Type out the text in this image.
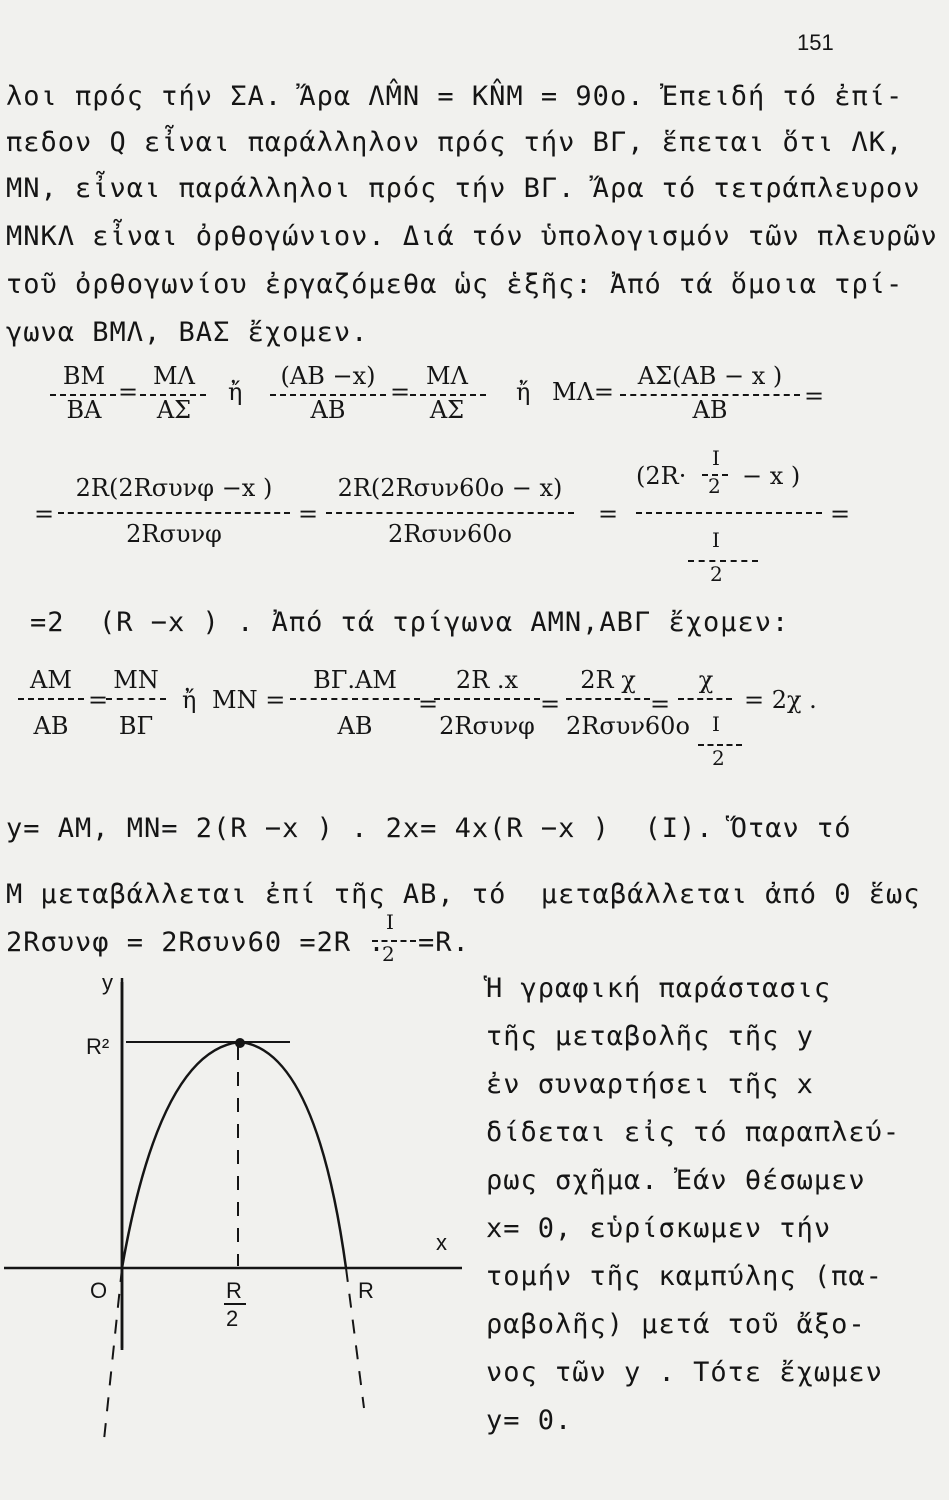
151
λοι πρός τήν ΣΑ. Ἄρα ΛM̂N = KN̂M = 90ο. Ἐπειδή τό ἐπί-
πεδον Q εἶναι παράλληλον πρός τήν ΒΓ, ἕπεται ὅτι ΛΚ,
ΜΝ, εἶναι παράλληλοι πρός τήν ΒΓ. Ἄρα τό τετράπλευρον
ΜΝΚΛ εἶναι ὀρθογώνιον. Διά τόν ὑπολογισμόν τῶν πλευρῶν
τοῦ ὀρθογωνίου ἐργαζόμεθα ὡς ἑξῆς: Ἀπό τά ὅμοια τρί-
γωνα ΒΜΛ, ΒΑΣ ἔχομεν.
ΒΜ
ΒΑ
=
ΜΛ
ΑΣ
ἤ
(ΑΒ −x)
ΑΒ
=
ΜΛ
ΑΣ
ἤ ΜΛ=
ΑΣ(ΑΒ − x )
ΑΒ	=
=
2R(2Rσυνφ −x )
2Rσυνφ
=
2R(2Rσυν60ο − x)
2Rσυν60ο
=
(2R·
I
2 − x )
I
2
=
=2  (R −x ) . Ἀπό τά τρίγωνα ΑΜΝ,ΑΒΓ ἔχομεν:
ΑΜ
ΑΒ
=
ΜΝ
ΒΓ
ἤ ΜΝ =
ΒΓ.ΑΜ
ΑΒ
=
2R .x
2Rσυνφ
=
2R χ
2Rσυν60ο I
2
=
χ
= 2χ .
y= AM, MN= 2(R −x ) . 2x= 4x(R −x )  (I). Ὅταν τό
M μεταβάλλεται ἐπί τῆς ΑΒ, τό  μεταβάλλεται ἀπό 0 ἕως
2Rσυνφ = 2Rσυν60 =2R .
I
2 =R.
Ἡ γραφική παράστασις
τῆς μεταβολῆς τῆς y
ἐν συναρτήσει τῆς x
δίδεται εἰς τό παραπλεύ-
ρως σχῆμα. Ἐάν θέσωμεν
x= 0, εὑρίσκωμεν τήν
τομήν τῆς καμπύλης (πα-
ραβολῆς) μετά τοῦ ἄξο-
νος τῶν y . Τότε ἔχωμεν
y= 0.
y
x
R²
O	R
2
R
